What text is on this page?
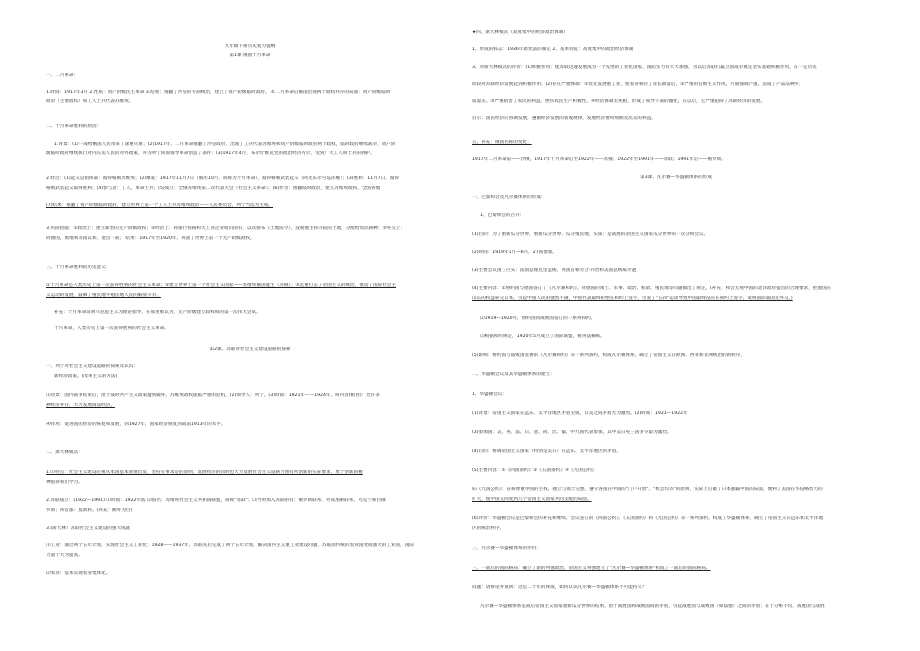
九年级下册历史复习提纲
第1课 俄国十月革命
一、二月革命：
1.时间：1917年3月 2.性质：资产阶级民主革命 3.结果：推翻了沙皇的专制统治，建立了资产阶级临时政府。 4.二月革命后俄国出现两个政权并存的局面：资产阶级临时
政府（主要政权）和工人士兵代表苏维埃。
二、十月革命胜利的原因：
1.背景：(1)一战给俄国人民带来了深重灾难；(2)1917年，二月革命推翻了沙皇政府，出现了工兵代表苏维埃和资产阶级临时政府两个政权，临时政府继续战争，资产阶
级临时政府继续执行对内压迫人民的对外政策，并为列宁回国领导革命创造了条件；(3)1917年4月，布尔什维克党的政治经济方针，受到广大工人和士兵的拥护。
2.经过：(1)起义总指挥部：彼得格勒苏维埃；(2)爆发：1917年11月7日（俄历10月，故称为十月革命），彼得格勒武装起义（阿芙乐尔号巡洋舰）；(3)胜利：11月7日，彼得
格勒武装起义取得胜利；(4)参与者：工人、革命士兵；(5)成立：全俄苏维埃第二次代表大会（社会主义革命）；(6)作为：推翻临时政府，建立苏维埃政权，全国各地
(7)结果：推翻了资产阶级临时政府，建立世界上第一个工人士兵苏维埃政府——人民委员会，列宁当选为主席。
3.巩固措施：①政治上：建立新型的无产阶级政权；②经济上：将银行铁路和大工业企业收归国有，以及颁布《土地法令》，没收地主和寺院的土地，分配给农民耕种；③外交上：
同德国、奥地利等国议和，退出一战； 结果：1917年至1920年，巩固了世界上第一个无产阶级政权。
三、十月革命胜利的历史意义：
①十月革命是人类历史上第一次获得胜利的社会主义革命；②建立世界上第一个社会主义国家——苏维埃俄国诞生（苏俄）；③沉重打击了帝国主义的统治，推动了国际社会主
义运动的发展，鼓舞了殖民地半殖民地人民的解放斗争。
补充：十月革命证明马克思主义为理论指导，在那里被认为，无产阶级建立政权和的第一次伟大尝试。
十月革命，人类历史上第一次获得胜利的社会主义革命。
第2课、苏联对社会主义建设道路的探索
一、列宁对社会主义建设道路的探索及认识：
新经济政策。(改革主义的方法)
⑴背景：国内战争结束后，由于战时共产主义政策遭到破坏，苏维埃政权面临严重的危机，(2)领导人：列宁。(3)时间：1921年——1924年，叫内容(粮食)：允许多
种经济并存，大力发展商品经济。
⑷作用：促进国民经济的恢复和发展，到1927年，国家经济恢复到战前1913年的水平。
二、斯大林模式：
1.⑴特点：社会主义建设必须从本国基本国情出发，坚持实事求是的原则，发展经济的同时也大力发展社会主义道路力图有所创新的实际要求，勇于创新的精
神值得我们学习。
2.苏联成立：(1922—1991) ⑴时间：1922年底 ⑵国名：苏维埃社会主义共和国联盟，简称"苏联"；⑶当时加入苏联的有：俄罗斯联邦、外高加索联邦、乌克兰和白俄
罗斯；⑷首都：莫斯科。(补充：额外为白)
3.(斯大林）苏联社会主义建设的重大成就
⑴工业：通过两个五年计划，实现社会主义工业化：1928——1937年，苏联先后完成了两个五年计划，解决国内主义重工业建设问题，苏联由传统的农业国变成强大的工业国，国际
力量十大为提高。
⑵农业：基本实现农业集体化。
★四、斯大林模式（高度集中的经济政治体制）
1、形成的标志：1936年新宪法的制定 2、基本特征：高度集中的政治经济体制
3、对斯大林模式的评价：(1)积极作用：使苏联迅速发展成为一个先进的工业化国家，国防实力有大大加强，为以后苏联打赢卫国战争奠定坚实基础积极作用。在一定历史
阶段对苏联经济发展起到积极作用；(2)存在严重弊端：①优先发展重工业，使农业和轻工业长期落后，②严重的官僚主义作风，片面强调产值，造成了产品品种少，
质量差。③严重损害了农民的利益，挫伤农民生产积极性。④经济体制太死板，形成了领导干部的僵化，在以后，它严重阻碍了苏联经济的发展。
启示：国民经济应协调发展，遵循经济发展的客观规律，发展经济要时刻顾及民众的利益。
五、补充：俄国名称的变化：
1917年二月革命前——沙俄，1917年十月革命后至1922年——苏俄；1922年至1991年——苏联；1991年后——俄罗斯。
第3课、凡尔赛—华盛顿体系的形成
一、巴黎和会及凡尔赛体系的形成：
1、巴黎和会的召开：
(1)目的：为了重新瓜分世界，重新瓜分世界、瓜分殖民地，实质：是战胜的帝国主义国家瓜分世界的一次分赃会议。
(2)时间：1919年1月—6月，27国参加。
(3)主要会议国三巨头：法国总理克里孟梭、英国首相劳合·乔治和美国总统威尔逊
(4)主要内容：①协约国与德国签订了《凡尔赛和约》。对德国的领土、军事、政治、赔款、殖民地等问题做出了规定。(补充：和会无视中国的北洋政府提出的合理要求，把德国在
山东的权益转交日本，引起中国人民的强烈不满，中国代表最终拒绝在和约上签字，引发了"五四"运动导致中国最终没有在和约上签字，说明国际弱国无外交。)
⑵1919—1920年，协约国同战败国签订的一系列和约。
⑶根据和约规定，1920年5月成立了国际联盟，被英法操纵。
(5)影响：协约国与战败国签署的《凡尔赛和约》等一系列条约，构成凡尔赛体系，确立了帝国主义在欧洲、西亚和非洲统治的新秩序。
二、华盛顿会议及其华盛顿体系的建立：
1、华盛顿会议：
(1)背景：帝国主义国家在远东、太平洋地区矛盾尖锐，日美之间矛盾尤为激烈。(2)时间：1921—1922年
(3)参加国：美、英、法、日、意、荷、比、葡、中九国代表参加，其中美日英三国争夺最为激烈。
(4)目的：协调帝国主义国家（特别是美日）在远东、太平洋地区的矛盾。
(5)主要内容：①《四国条约》②《五国条约》③《九国公约》
⑹《九国公约》：宣称尊重中国的主权、独立与领土完整，遵守各国在中国的"门户开放"、"机会均等"的原则，实际上打破了日本独霸中国的局面，便利了美国在华侵略势力的
扩大，使中国又回复到几个帝国主义国家共同支配的局面。
(6)评价：华盛顿会议是巴黎和会的补充和继续，会议签订的《四国公约》、《五国条约》和《九国公约》等一系列条约，构成了华盛顿体系，确立了帝国主义在远东和太平洋地
区的统治秩序。
三、凡尔赛—华盛顿体系的评价：
三、一战后的国际格局：确立了新的列强政治、帝国主义列强建立了"凡尔赛—华盛顿体系"构成了一战后的国际格局。
问题：请辩论并说明：这是二十年的休战，如何认识凡尔赛—华盛顿体系不可能持久？
凡尔赛—华盛顿体系是战后帝国主义国家重新瓜分世界的结果。由于战胜国和战败国间的矛盾，引起战胜国与战败国（如法德）之间的矛盾；在于分赃不均，战胜国与战胜
